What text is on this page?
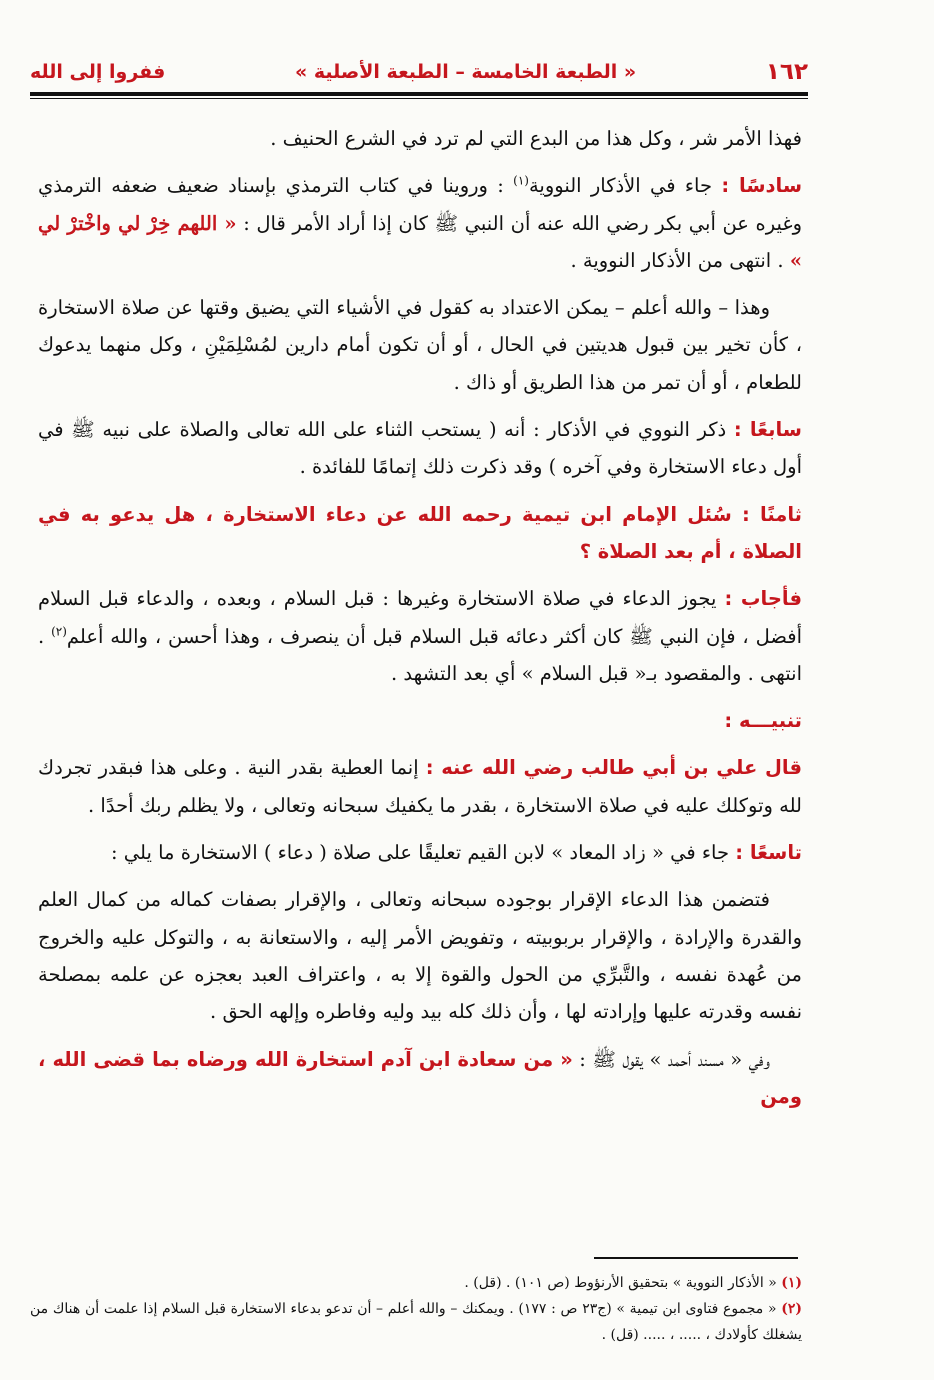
١٦٢
« الطبعة الخامسة – الطبعة الأصلية »
ففروا إلى الله

فهذا الأمر شر ، وكل هذا من البدع التي لم ترد في الشرع الحنيف .

سادسًا : جاء في الأذكار النووية$^{(١)}$ : وروينا في كتاب الترمذي بإسناد ضعيف ضعفه الترمذي وغيره عن أبي بكر رضي الله عنه أن النبي ﷺ كان إذا أراد الأمر قال : « اللهم خِرْ لي واخْترْ لي » . انتهى من الأذكار النووية .

وهذا – والله أعلم – يمكن الاعتداد به كقول في الأشياء التي يضيق وقتها عن صلاة الاستخارة ، كأن تخير بين قبول هديتين في الحال ، أو أن تكون أمام دارين لمُسْلِمَيْنِ ، وكل منهما يدعوك للطعام ، أو أن تمر من هذا الطريق أو ذاك .

سابعًا : ذكر النووي في الأذكار : أنه ( يستحب الثناء على الله تعالى والصلاة على نبيه ﷺ في أول دعاء الاستخارة وفي آخره ) وقد ذكرت ذلك إتمامًا للفائدة .

ثامنًا : سُئل الإمام ابن تيمية رحمه الله عن دعاء الاستخارة ، هل يدعو به في الصلاة ، أم بعد الصلاة ؟

فأجاب : يجوز الدعاء في صلاة الاستخارة وغيرها : قبل السلام ، وبعده ، والدعاء قبل السلام أفضل ، فإن النبي ﷺ كان أكثر دعائه قبل السلام قبل أن ينصرف ، وهذا أحسن ، والله أعلم$^{(٢)}$ . انتهى . والمقصود بـ« قبل السلام » أي بعد التشهد .

تنبيـــه :

قال علي بن أبي طالب رضي الله عنه : إنما العطية بقدر النية . وعلى هذا فبقدر تجردك لله وتوكلك عليه في صلاة الاستخارة ، بقدر ما يكفيك سبحانه وتعالى ، ولا يظلم ربك أحدًا .

تاسعًا : جاء في « زاد المعاد » لابن القيم تعليقًا على صلاة ( دعاء ) الاستخارة ما يلي :

فتضمن هذا الدعاء الإقرار بوجوده سبحانه وتعالى ، والإقرار بصفات كماله من كمال العلم والقدرة والإرادة ، والإقرار بربوبيته ، وتفويض الأمر إليه ، والاستعانة به ، والتوكل عليه والخروج من عُهدة نفسه ، والتَّبرِّي من الحول والقوة إلا به ، واعتراف العبد بعجزه عن علمه بمصلحة نفسه وقدرته عليها وإرادته لها ، وأن ذلك كله بيد وليه وفاطره وإلهه الحق .

وفي « مسند أحمد » يقول ﷺ : « من سعادة ابن آدم استخارة الله ورضاه بما قضى الله ، ومن

(١) « الأذكار النووية » بتحقيق الأرنؤوط (ص ١٠١) . (قل) .

(٢) « مجموع فتاوى ابن تيمية » (ج٢٣ ص : ١٧٧) . ويمكنك – والله أعلم – أن تدعو بدعاء الاستخارة قبل السلام إذا علمت أن هناك من يشغلك كأولادك ، ..... ، ..... (قل) .
